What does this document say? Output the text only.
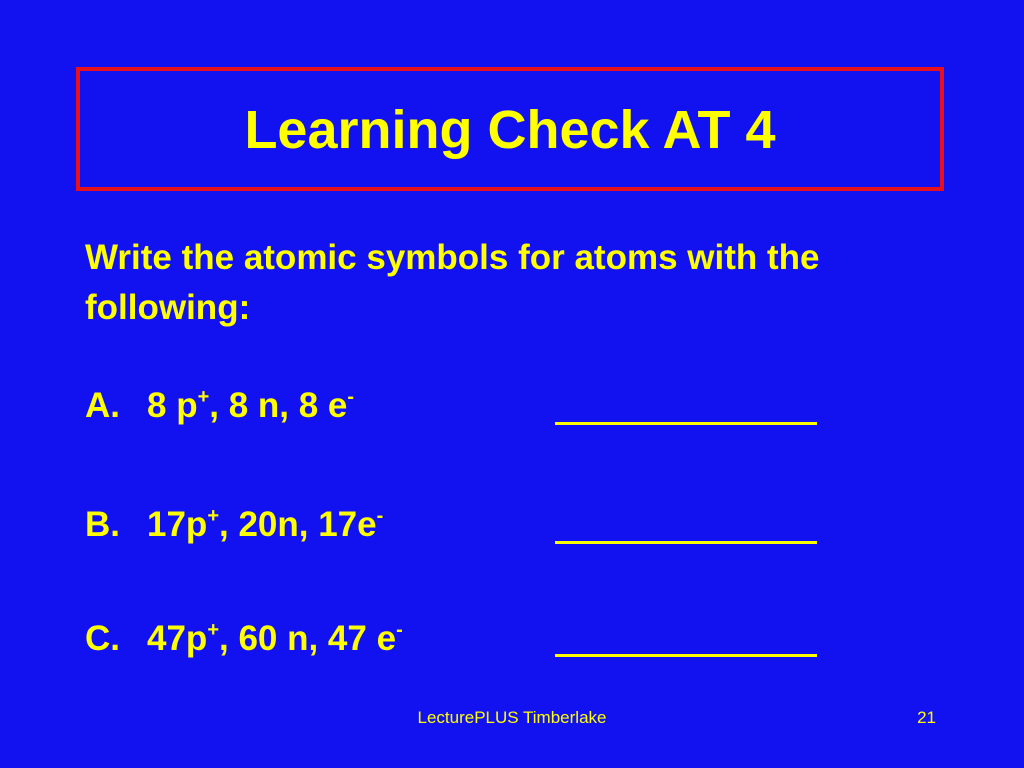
Learning Check AT 4
Write the atomic symbols for atoms with the following:
A. 8 p+, 8 n, 8 e-
B. 17p+, 20n, 17e-
C. 47p+, 60 n, 47 e-
LecturePLUS Timberlake	21
